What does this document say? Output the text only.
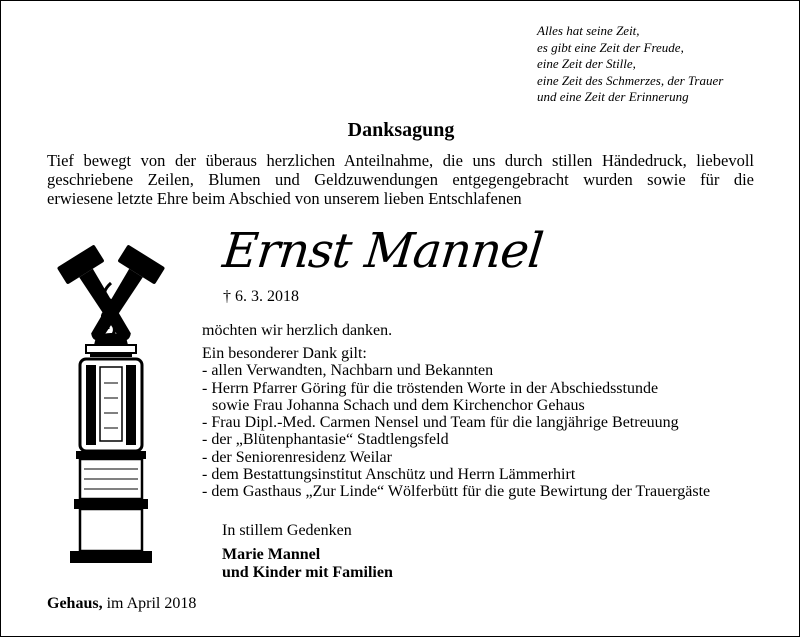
Alles hat seine Zeit,
es gibt eine Zeit der Freude,
eine Zeit der Stille,
eine Zeit des Schmerzes, der Trauer
und eine Zeit der Erinnerung
Danksagung
Tief bewegt von der überaus herzlichen Anteilnahme, die uns durch stillen Händedruck, liebevoll
geschriebene Zeilen, Blumen und Geldzuwendungen entgegengebracht wurden sowie für die
erwiesene letzte Ehre beim Abschied von unserem lieben Entschlafenen
Ernst Mannel
† 6. 3. 2018
möchten wir herzlich danken.
Ein besonderer Dank gilt:
- allen Verwandten, Nachbarn und Bekannten
- Herrn Pfarrer Göring für die tröstenden Worte in der Abschiedsstunde
sowie Frau Johanna Schach und dem Kirchenchor Gehaus
- Frau Dipl.-Med. Carmen Nensel und Team für die langjährige Betreuung
- der „Blütenphantasie“ Stadtlengsfeld
- der Seniorenresidenz Weilar
- dem Bestattungsinstitut Anschütz und Herrn Lämmerhirt
- dem Gasthaus „Zur Linde“ Wölferbütt für die gute Bewirtung der Trauergäste
In stillem Gedenken
Marie Mannel
und Kinder mit Familien
Gehaus, im April 2018
